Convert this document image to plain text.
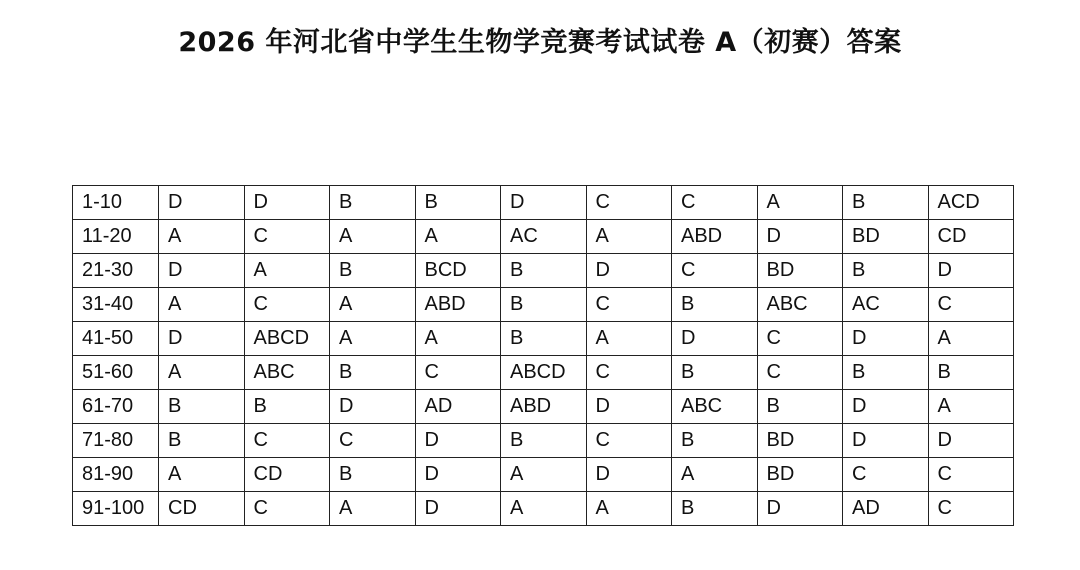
2026 年河北省中学生生物学竞赛考试试卷 A（初赛）答案
1-10	D	D	B	B	D	C	C	A	B	ACD
11-20	A	C	A	A	AC	A	ABD	D	BD	CD
21-30	D	A	B	BCD	B	D	C	BD	B	D
31-40	A	C	A	ABD	B	C	B	ABC	AC	C
41-50	D	ABCD	A	A	B	A	D	C	D	A
51-60	A	ABC	B	C	ABCD	C	B	C	B	B
61-70	B	B	D	AD	ABD	D	ABC	B	D	A
71-80	B	C	C	D	B	C	B	BD	D	D
81-90	A	CD	B	D	A	D	A	BD	C	C
91-100	CD	C	A	D	A	A	B	D	AD	C
